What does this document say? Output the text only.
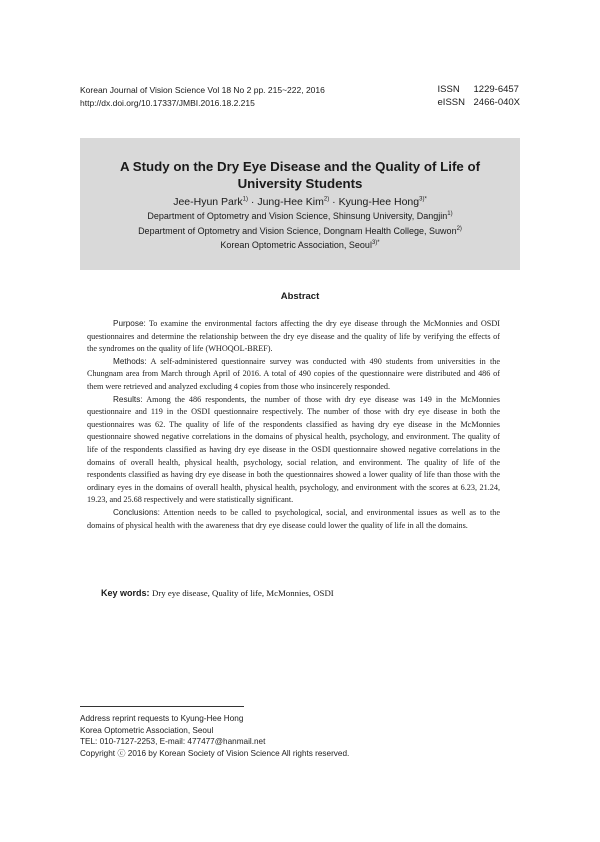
Korean Journal of Vision Science Vol 18 No 2 pp. 215~222, 2016
http://dx.doi.org/10.17337/JMBI.2016.18.2.215
ISSN	1229-6457
eISSN 2466-040X
A Study on the Dry Eye Disease and the Quality of Life of
University Students
Jee-Hyun Park$^{1)}$ · Jung-Hee Kim$^{2)}$ · Kyung-Hee Hong$^{3)*}$
Department of Optometry and Vision Science, Shinsung University, Dangjin$^{1)}$
Department of Optometry and Vision Science, Dongnam Health College, Suwon$^{2)}$
Korean Optometric Association, Seoul$^{3)*}$
Abstract

Purpose: To examine the environmental factors affecting the dry eye disease through the McMonnies and OSDI questionnaires and determine the relationship between the dry eye disease and the quality of life by verifying the effects of the syndromes on the quality of life (WHOQOL-BREF).

Methods: A self-administered questionnaire survey was conducted with 490 students from universities in the Chungnam area from March through April of 2016. A total of 490 copies of the questionnaire were distributed and 486 of them were retrieved and analyzed excluding 4 copies from those who insincerely responded.

Results: Among the 486 respondents, the number of those with dry eye disease was 149 in the McMonnies questionnaire and 119 in the OSDI questionnaire respectively. The number of those with dry eye disease in both the questionnaires was 62. The quality of life of the respondents classified as having dry eye disease in the McMonnies questionnaire showed negative correlations in the domains of physical health, psychology, and environment. The quality of life of the respondents classified as having dry eye disease in the OSDI questionnaire showed negative correlations in the domains of overall health, physical health, psychology, social relation, and environment. The quality of life of the respondents classified as having dry eye disease in both the questionnaires showed a lower quality of life than those with the ordinary eyes in the domains of overall health, physical health, psychology, and environment with the scores at 6.23, 21.24, 19.23, and 25.68 respectively and were statistically significant.

Conclusions: Attention needs to be called to psychological, social, and environmental issues as well as to the domains of physical health with the awareness that dry eye disease could lower the quality of life in all the domains.

Key words: Dry eye disease, Quality of life, McMonnies, OSDI
Address reprint requests to Kyung-Hee Hong
Korea Optometric Association, Seoul
TEL: 010-7127-2253, E-mail: 477477@hanmail.net
Copyright ⓒ 2016 by Korean Society of Vision Science All rights reserved.
